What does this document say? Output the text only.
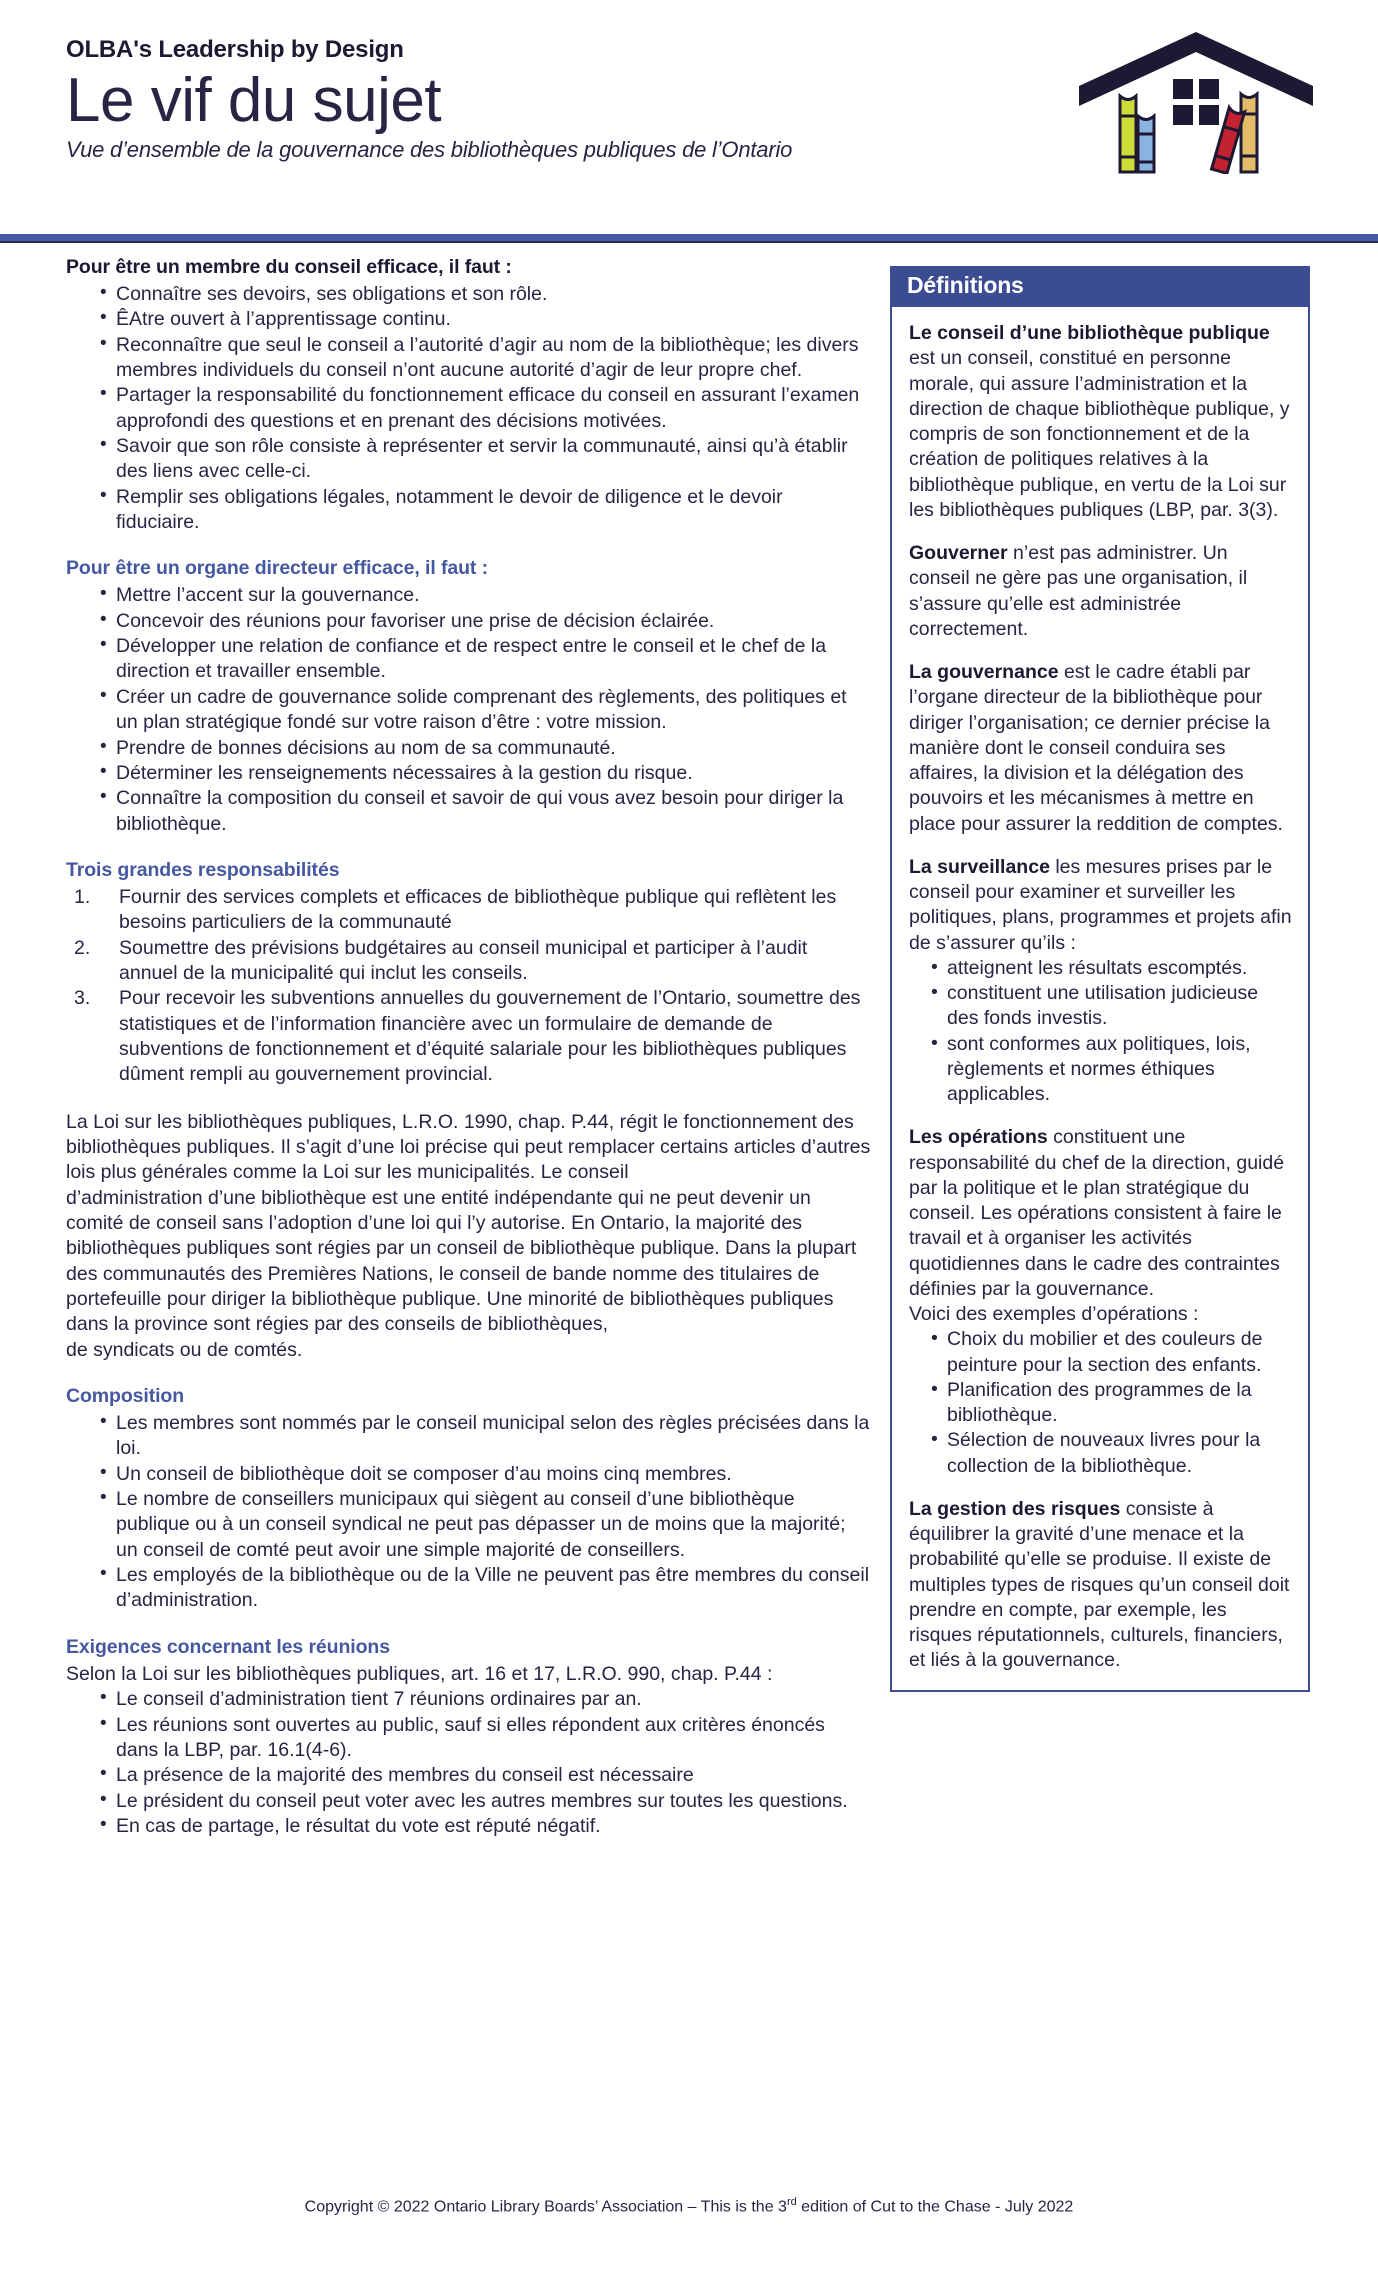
OLBA's Leadership by Design
Le vif du sujet
Vue d’ensemble de la gouvernance des bibliothèques publiques de l’Ontario
Pour être un membre du conseil efficace, il faut :
• Connaître ses devoirs, ses obligations et son rôle.
• ÊAtre ouvert à l’apprentissage continu.
• Reconnaître que seul le conseil a l’autorité d’agir au nom de la bibliothèque; les divers membres individuels du conseil n’ont aucune autorité d’agir de leur propre chef.
• Partager la responsabilité du fonctionnement efficace du conseil en assurant l’examen approfondi des questions et en prenant des décisions motivées.
• Savoir que son rôle consiste à représenter et servir la communauté, ainsi qu’à établir des liens avec celle-ci.
• Remplir ses obligations légales, notamment le devoir de diligence et le devoir fiduciaire.
Pour être un organe directeur efficace, il faut :
• Mettre l’accent sur la gouvernance.
• Concevoir des réunions pour favoriser une prise de décision éclairée.
• Développer une relation de confiance et de respect entre le conseil et le chef de la direction et travailler ensemble.
• Créer un cadre de gouvernance solide comprenant des règlements, des politiques et un plan stratégique fondé sur votre raison d’être : votre mission.
• Prendre de bonnes décisions au nom de sa communauté.
• Déterminer les renseignements nécessaires à la gestion du risque.
• Connaître la composition du conseil et savoir de qui vous avez besoin pour diriger la bibliothèque.
Trois grandes responsabilités
Fournir des services complets et efficaces de bibliothèque publique qui reflètent les besoins particuliers de la communauté
Soumettre des prévisions budgétaires au conseil municipal et participer à l’audit annuel de la municipalité qui inclut les conseils.
Pour recevoir les subventions annuelles du gouvernement de l’Ontario, soumettre des statistiques et de l’information financière avec un formulaire de demande de subventions de fonctionnement et d’équité salariale pour les bibliothèques publiques dûment rempli au gouvernement provincial.

La Loi sur les bibliothèques publiques, L.R.O. 1990, chap. P.44, régit le fonctionnement des bibliothèques publiques. Il s’agit d’une loi précise qui peut remplacer certains articles d’autres lois plus générales comme la Loi sur les municipalités. Le conseil

d’administration d’une bibliothèque est une entité indépendante qui ne peut devenir un comité de conseil sans l’adoption d’une loi qui l’y autorise. En Ontario, la majorité des bibliothèques publiques sont régies par un conseil de bibliothèque publique. Dans la plupart des communautés des Premières Nations, le conseil de bande nomme des titulaires de portefeuille pour diriger la bibliothèque publique. Une minorité de bibliothèques publiques dans la province sont régies par des conseils de bibliothèques,

de syndicats ou de comtés.

Composition
• Les membres sont nommés par le conseil municipal selon des règles précisées dans la loi.
• Un conseil de bibliothèque doit se composer d’au moins cinq membres.
• Le nombre de conseillers municipaux qui siègent au conseil d’une bibliothèque publique ou à un conseil syndical ne peut pas dépasser un de moins que la majorité; un conseil de comté peut avoir une simple majorité de conseillers.
• Les employés de la bibliothèque ou de la Ville ne peuvent pas être membres du conseil d’administration.
Exigences concernant les réunions

Selon la Loi sur les bibliothèques publiques, art. 16 et 17, L.R.O. 990, chap. P.44 :

• Le conseil d’administration tient 7 réunions ordinaires par an.
• Les réunions sont ouvertes au public, sauf si elles répondent aux critères énoncés dans la LBP, par. 16.1(4-6).
• La présence de la majorité des membres du conseil est nécessaire
• Le président du conseil peut voter avec les autres membres sur toutes les questions.
• En cas de partage, le résultat du vote est réputé négatif.
Définitions

Le conseil d’une bibliothèque publique est un conseil, constitué en personne morale, qui assure l’administration et la direction de chaque bibliothèque publique, y compris de son fonctionnement et de la création de politiques relatives à la bibliothèque publique, en vertu de la Loi sur les bibliothèques publiques (LBP, par. 3(3).

Gouverner n’est pas administrer. Un conseil ne gère pas une organisation, il s’assure qu’elle est administrée correctement.

La gouvernance est le cadre établi par l’organe directeur de la bibliothèque pour diriger l’organisation; ce dernier précise la manière dont le conseil conduira ses affaires, la division et la délégation des pouvoirs et les mécanismes à mettre en place pour assurer la reddition de comptes.

La surveillance les mesures prises par le conseil pour examiner et surveiller les politiques, plans, programmes et projets afin de s’assurer qu’ils :

• atteignent les résultats escomptés.
• constituent une utilisation judicieuse des fonds investis.
• sont conformes aux politiques, lois, règlements et normes éthiques applicables.

Les opérations constituent une responsabilité du chef de la direction, guidé par la politique et le plan stratégique du conseil. Les opérations consistent à faire le travail et à organiser les activités quotidiennes dans le cadre des contraintes définies par la gouvernance.

Voici des exemples d’opérations :

• Choix du mobilier et des couleurs de peinture pour la section des enfants.
• Planification des programmes de la bibliothèque.
• Sélection de nouveaux livres pour la collection de la bibliothèque.

La gestion des risques consiste à équilibrer la gravité d’une menace et la probabilité qu’elle se produise. Il existe de multiples types de risques qu’un conseil doit prendre en compte, par exemple, les risques réputationnels, culturels, financiers, et liés à la gouvernance.

Copyright © 2022 Ontario Library Boards’ Association – This is the 3rd edition of Cut to the Chase - July 2022
